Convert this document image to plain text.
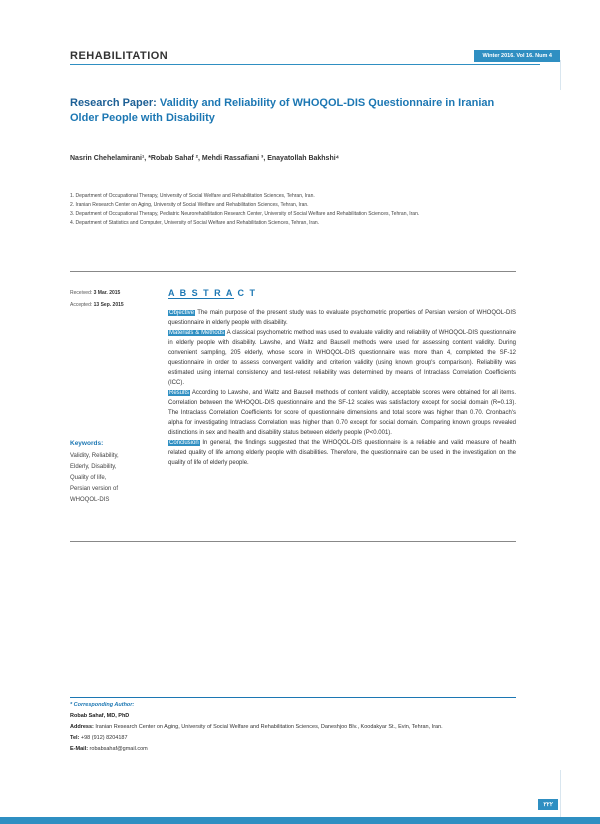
REHABILITATION	Winter 2016. Vol 16. Num 4
Research Paper: Validity and Reliability of WHOQOL-DIS Questionnaire in Iranian Older People with Disability
Nasrin Chehelamirani¹, *Robab Sahaf ², Mehdi Rassafiani ³, Enayatollah Bakhshi⁴
1. Department of Occupational Therapy, University of Social Welfare and Rehabilitation Sciences, Tehran, Iran.
2. Iranian Research Center on Aging, University of Social Welfare and Rehabilitation Sciences, Tehran, Iran.
3. Department of Occupational Therapy, Pediatric Neurorehabilitation Research Center, University of Social Welfare and Rehabilitation Sciences, Tehran, Iran.
4. Department of Statistics and Computer, University of Social Welfare and Rehabilitation Sciences, Tehran, Iran.
Received: 3 Mar. 2015
Accepted: 13 Sep. 2015
A B S T R A C T

Objective The main purpose of the present study was to evaluate psychometric properties of Persian version of WHOQOL-DIS questionnaire in elderly people with disability.

Materials & Methods A classical psychometric method was used to evaluate validity and reliability of WHOQOL-DIS questionnaire in elderly people with disability. Lawshe, and Waltz and Bausell methods were used for assessing content validity. During convenient sampling, 205 elderly, whose score in WHOQOL-DIS questionnaire was more than 4, completed the SF-12 questionnaire in order to assess convergent validity and criterion validity (using known group's comparison). Reliability was estimated using internal consistency and test-retest reliability was determined by means of Intraclass Correlation Coefficients (ICC).

Results According to Lawshe, and Waltz and Bausell methods of content validity, acceptable scores were obtained for all items. Correlation between the WHOQOL-DIS questionnaire and the SF-12 scales was satisfactory except for social domain (R=0.13). The Intraclass Correlation Coefficients for score of questionnaire dimensions and total score was higher than 0.70. Cronbach's alpha for investigating Intraclass Correlation was higher than 0.70 except for social domain. Comparing known groups revealed distinctions in sex and health and disability status between elderly people (P<0.001).

Conclusion In general, the findings suggested that the WHOQOL-DIS questionnaire is a reliable and valid measure of health related quality of life among elderly people with disabilities. Therefore, the questionnaire can be used in the investigation on the quality of life of elderly people.

Keywords:
Validity, Reliability,
Elderly, Disability,
Quality of life,
Persian version of
WHOQOL-DIS
* Corresponding Author:
Robab Sahaf, MD, PhD
Address: Iranian Research Center on Aging, University of Social Welfare and Rehabilitation Sciences, Daneshjoo Blv., Koodakyar St., Evin, Tehran, Iran.
Tel: +98 (912) 8204187
E-Mail: robabsahaf@gmail.com
۲۲۲
